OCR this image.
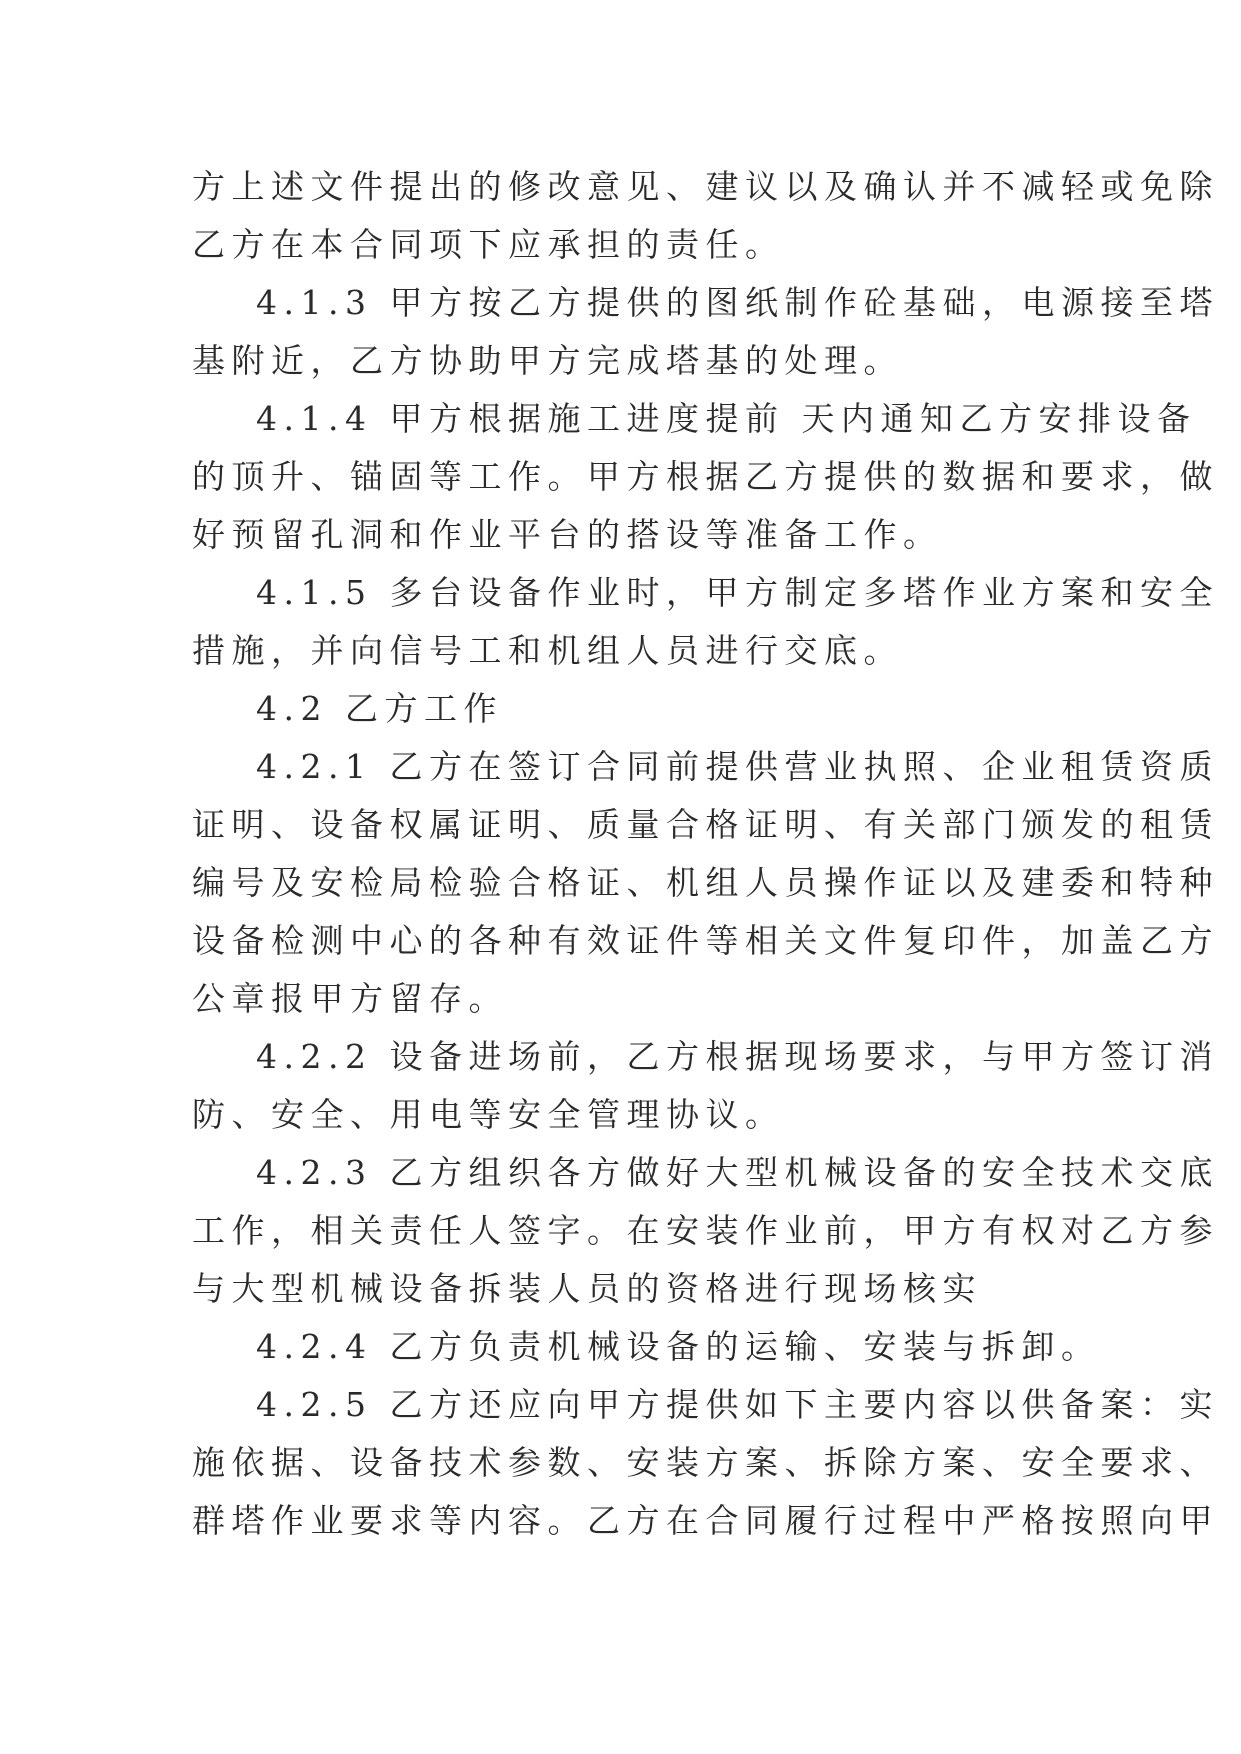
方上述文件提出的修改意见、建议以及确认并不减轻或免除
乙方在本合同项下应承担的责任。
4.1.3 甲方按乙方提供的图纸制作砼基础，电源接至塔
基附近，乙方协助甲方完成塔基的处理。
4.1.4 甲方根据施工进度提前 天内通知乙方安排设备
的顶升、锚固等工作。甲方根据乙方提供的数据和要求，做
好预留孔洞和作业平台的搭设等准备工作。
4.1.5 多台设备作业时，甲方制定多塔作业方案和安全
措施，并向信号工和机组人员进行交底。
4.2 乙方工作
4.2.1 乙方在签订合同前提供营业执照、企业租赁资质
证明、设备权属证明、质量合格证明、有关部门颁发的租赁
编号及安检局检验合格证、机组人员操作证以及建委和特种
设备检测中心的各种有效证件等相关文件复印件，加盖乙方
公章报甲方留存。
4.2.2 设备进场前，乙方根据现场要求，与甲方签订消
防、安全、用电等安全管理协议。
4.2.3 乙方组织各方做好大型机械设备的安全技术交底
工作，相关责任人签字。在安装作业前，甲方有权对乙方参
与大型机械设备拆装人员的资格进行现场核实
4.2.4 乙方负责机械设备的运输、安装与拆卸。
4.2.5 乙方还应向甲方提供如下主要内容以供备案：实
施依据、设备技术参数、安装方案、拆除方案、安全要求、
群塔作业要求等内容。乙方在合同履行过程中严格按照向甲
